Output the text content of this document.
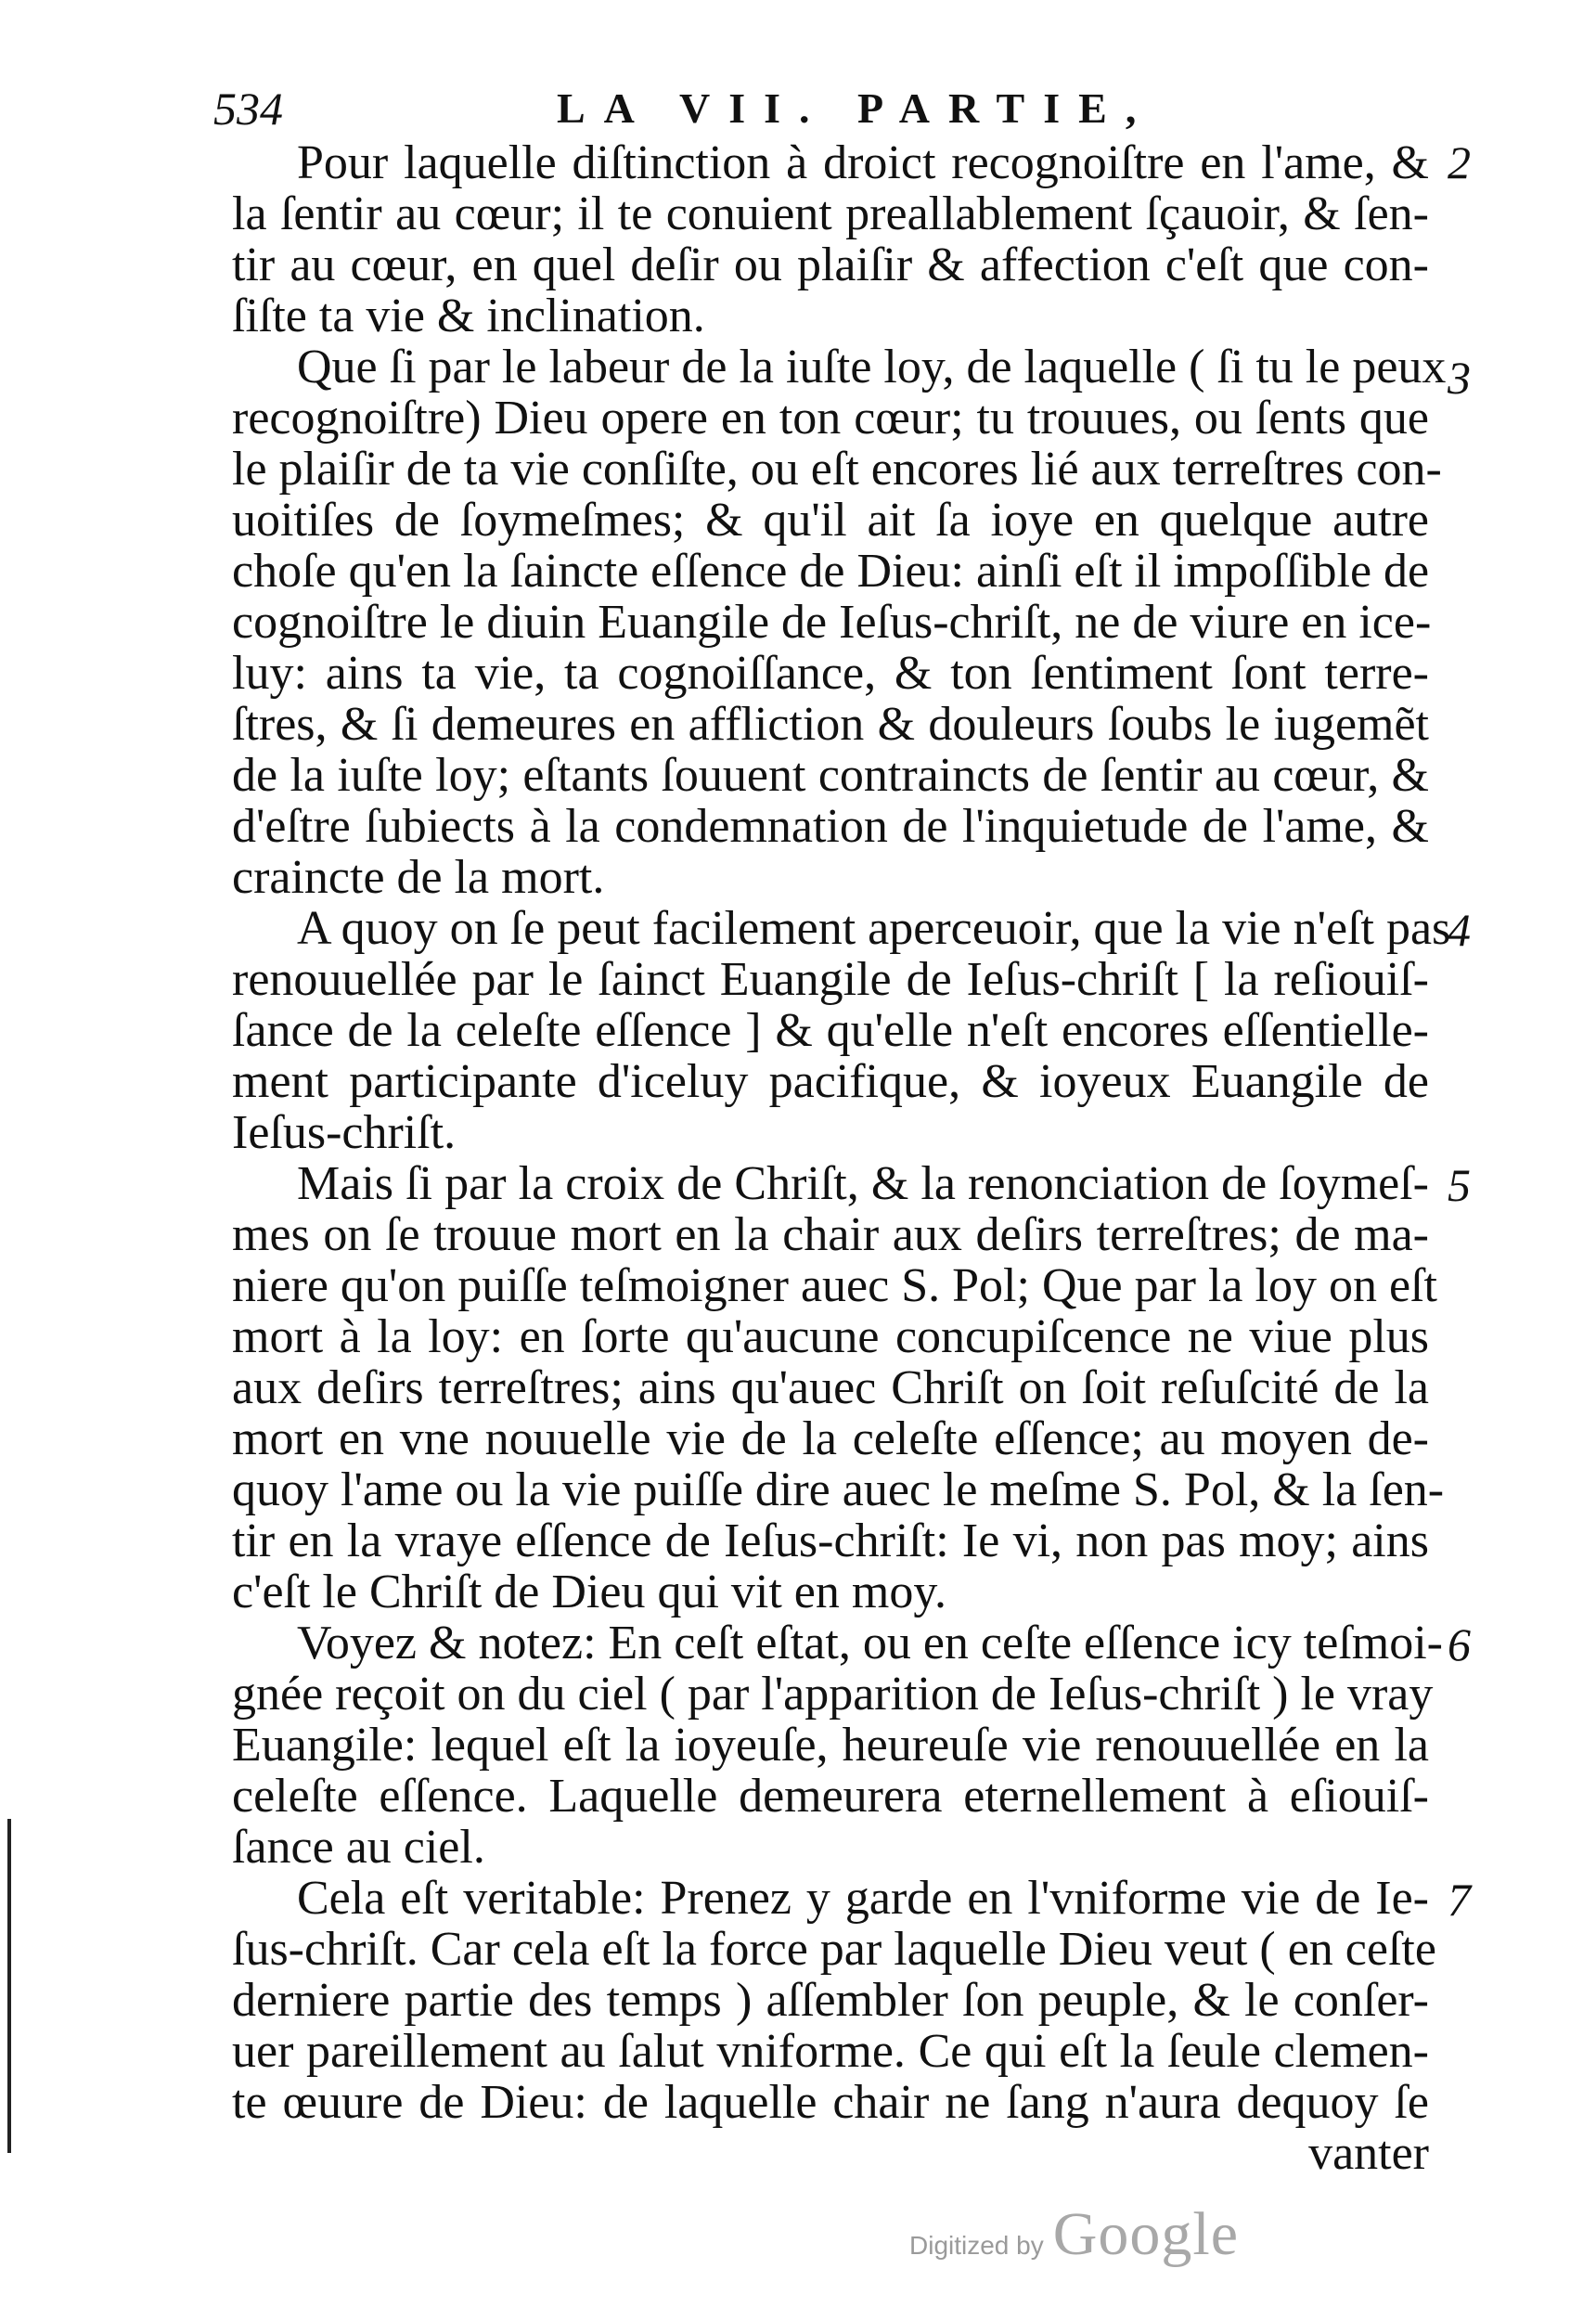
534	LA VII. PARTIE,
2
Pour laquelle diſtinction à droict recognoiſtre en l'ame, &
la ſentir au cœur; il te conuient preallablement ſçauoir, & ſen-
tir au cœur, en quel deſir ou plaiſir & affection c'eſt que con-
ſiſte ta vie & inclination.
3
Que ſi par le labeur de la iuſte loy, de laquelle ( ſi tu le peux
recognoiſtre) Dieu opere en ton cœur; tu trouues, ou ſents que
le plaiſir de ta vie conſiſte, ou eſt encores lié aux terreſtres con-
uoitiſes de ſoymeſmes; & qu'il ait ſa ioye en quelque autre
choſe qu'en la ſaincte eſſence de Dieu: ainſi eſt il impoſſible de
cognoiſtre le diuin Euangile de Ieſus-chriſt, ne de viure en ice-
luy: ains ta vie, ta cognoiſſance, & ton ſentiment ſont terre-
ſtres, & ſi demeures en affliction & douleurs ſoubs le iugemẽt
de la iuſte loy; eſtants ſouuent contraincts de ſentir au cœur, &
d'eſtre ſubiects à la condemnation de l'inquietude de l'ame, &
craincte de la mort.
4
A quoy on ſe peut facilement aperceuoir, que la vie n'eſt pas
renouuellée par le ſainct Euangile de Ieſus-chriſt [ la reſiouiſ-
ſance de la celeſte eſſence ] & qu'elle n'eſt encores eſſentielle-
ment participante d'iceluy pacifique, & ioyeux Euangile de
Ieſus-chriſt.
5
Mais ſi par la croix de Chriſt, & la renonciation de ſoymeſ-
mes on ſe trouue mort en la chair aux deſirs terreſtres; de ma-
niere qu'on puiſſe teſmoigner auec S. Pol; Que par la loy on eſt
mort à la loy: en ſorte qu'aucune concupiſcence ne viue plus
aux deſirs terreſtres; ains qu'auec Chriſt on ſoit reſuſcité de la
mort en vne nouuelle vie de la celeſte eſſence; au moyen de-
quoy l'ame ou la vie puiſſe dire auec le meſme S. Pol, & la ſen-
tir en la vraye eſſence de Ieſus-chriſt: Ie vi, non pas moy; ains
c'eſt le Chriſt de Dieu qui vit en moy.
6
Voyez & notez: En ceſt eſtat, ou en ceſte eſſence icy teſmoi-
gnée reçoit on du ciel ( par l'apparition de Ieſus-chriſt ) le vray
Euangile: lequel eſt la ioyeuſe, heureuſe vie renouuellée en la
celeſte eſſence. Laquelle demeurera eternellement à eſiouiſ-
ſance au ciel.
7
Cela eſt veritable: Prenez y garde en l'vniforme vie de Ie-
ſus-chriſt. Car cela eſt la force par laquelle Dieu veut ( en ceſte
derniere partie des temps ) aſſembler ſon peuple, & le conſer-
uer pareillement au ſalut vniforme. Ce qui eſt la ſeule clemen-
te œuure de Dieu: de laquelle chair ne ſang n'aura dequoy ſe
vanter
Digitized by Google
